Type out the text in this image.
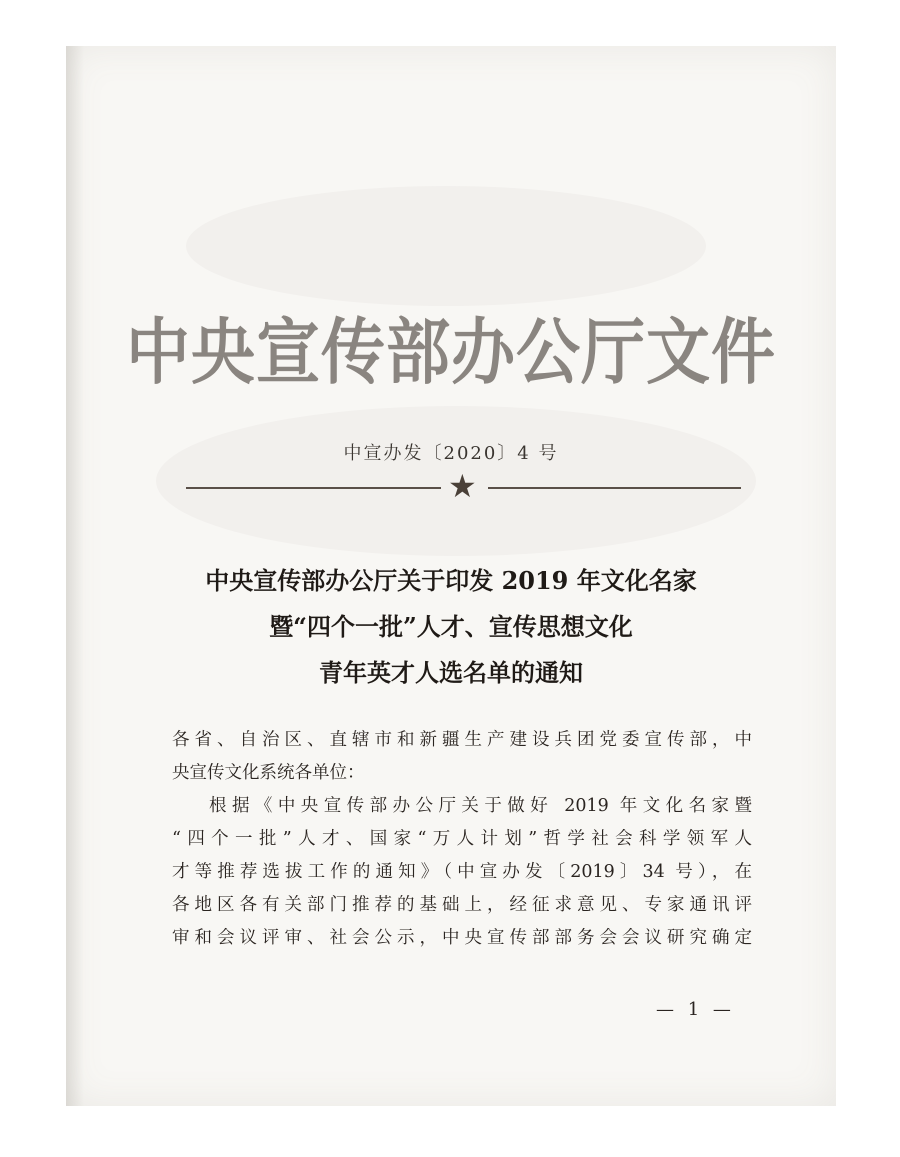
中央宣传部办公厅文件
中宣办发〔2020〕4 号
★
中央宣传部办公厅关于印发 2019 年文化名家
暨“四个一批”人才、宣传思想文化
青年英才人选名单的通知
各省、自治区、直辖市和新疆生产建设兵团党委宣传部，中
央宣传文化系统各单位：
根据《中央宣传部办公厅关于做好 2019 年文化名家暨
“四个一批”人才、国家“万人计划”哲学社会科学领军人
才等推荐选拔工作的通知》（中宣办发〔2019〕34 号），在
各地区各有关部门推荐的基础上，经征求意见、专家通讯评
审和会议评审、社会公示，中央宣传部部务会会议研究确定
— 1 —
